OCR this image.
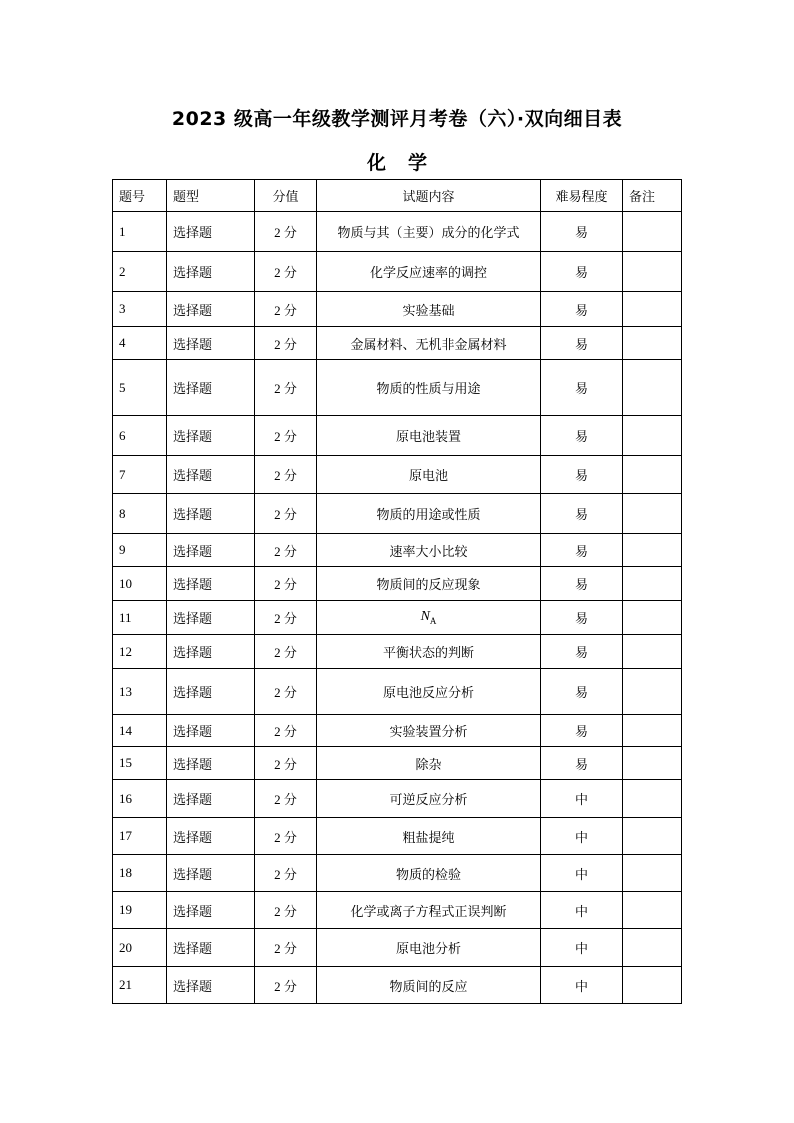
2023 级高一年级教学测评月考卷（六）·双向细目表
化学
题号	题型	分值	试题内容	难易程度	备注
1	选择题	2 分	物质与其（主要）成分的化学式	易	
2	选择题	2 分	化学反应速率的调控	易	
3	选择题	2 分	实验基础	易	
4	选择题	2 分	金属材料、无机非金属材料	易	
5	选择题	2 分	物质的性质与用途	易	
6	选择题	2 分	原电池装置	易	
7	选择题	2 分	原电池	易	
8	选择题	2 分	物质的用途或性质	易	
9	选择题	2 分	速率大小比较	易	
10	选择题	2 分	物质间的反应现象	易	
11	选择题	2 分	$N_A$	易	
12	选择题	2 分	平衡状态的判断	易	
13	选择题	2 分	原电池反应分析	易	
14	选择题	2 分	实验装置分析	易	
15	选择题	2 分	除杂	易	
16	选择题	2 分	可逆反应分析	中	
17	选择题	2 分	粗盐提纯	中	
18	选择题	2 分	物质的检验	中	
19	选择题	2 分	化学或离子方程式正误判断	中	
20	选择题	2 分	原电池分析	中	
21	选择题	2 分	物质间的反应	中	
